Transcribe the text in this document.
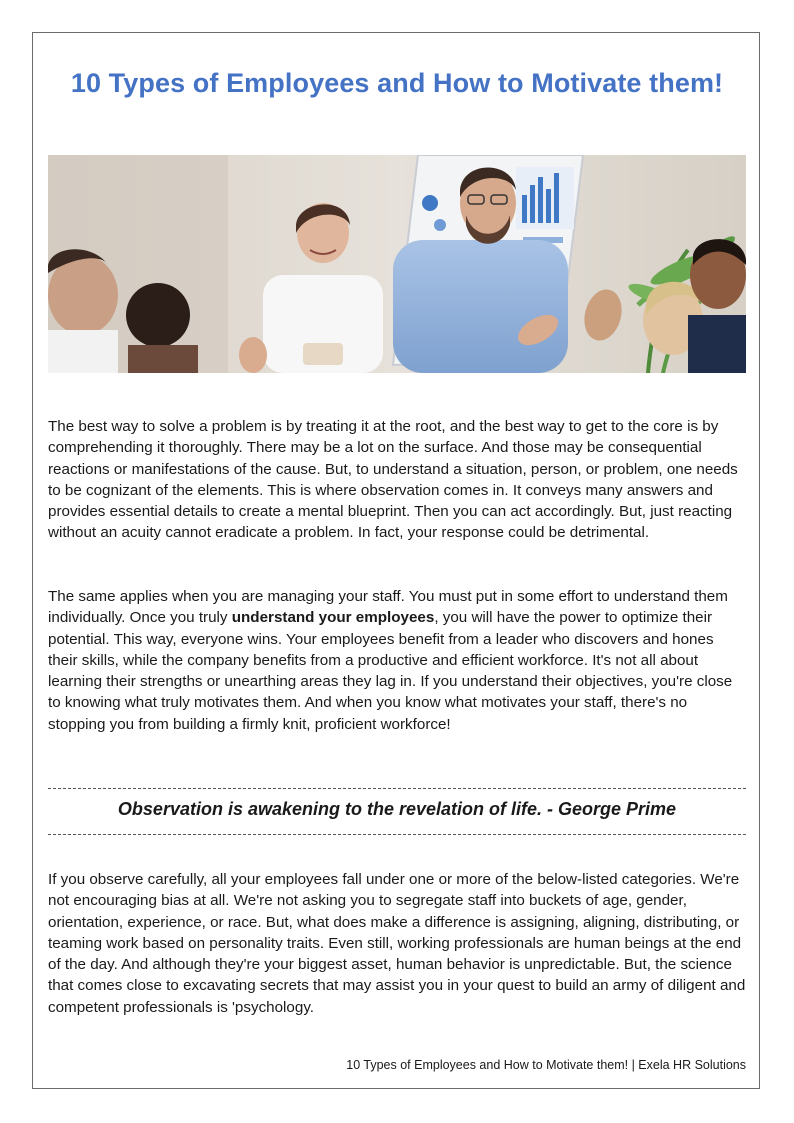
10 Types of Employees and How to Motivate them!

The best way to solve a problem is by treating it at the root, and the best way to get to the core is by comprehending it thoroughly. There may be a lot on the surface. And those may be consequential reactions or manifestations of the cause. But, to understand a situation, person, or problem, one needs to be cognizant of the elements. This is where observation comes in. It conveys many answers and provides essential details to create a mental blueprint. Then you can act accordingly. But, just reacting without an acuity cannot eradicate a problem. In fact, your response could be detrimental.

The same applies when you are managing your staff. You must put in some effort to understand them individually. Once you truly understand your employees, you will have the power to optimize their potential. This way, everyone wins. Your employees benefit from a leader who discovers and hones their skills, while the company benefits from a productive and efficient workforce. It's not all about learning their strengths or unearthing areas they lag in. If you understand their objectives, you're close to knowing what truly motivates them. And when you know what motivates your staff, there's no stopping you from building a firmly knit, proficient workforce!

Observation is awakening to the revelation of life. - George Prime

If you observe carefully, all your employees fall under one or more of the below-listed categories. We're not encouraging bias at all. We're not asking you to segregate staff into buckets of age, gender, orientation, experience, or race. But, what does make a difference is assigning, aligning, distributing, or teaming work based on personality traits. Even still, working professionals are human beings at the end of the day. And although they're your biggest asset, human behavior is unpredictable. But, the science that comes close to excavating secrets that may assist you in your quest to build an army of diligent and competent professionals is 'psychology.

10 Types of Employees and How to Motivate them! | Exela HR Solutions
